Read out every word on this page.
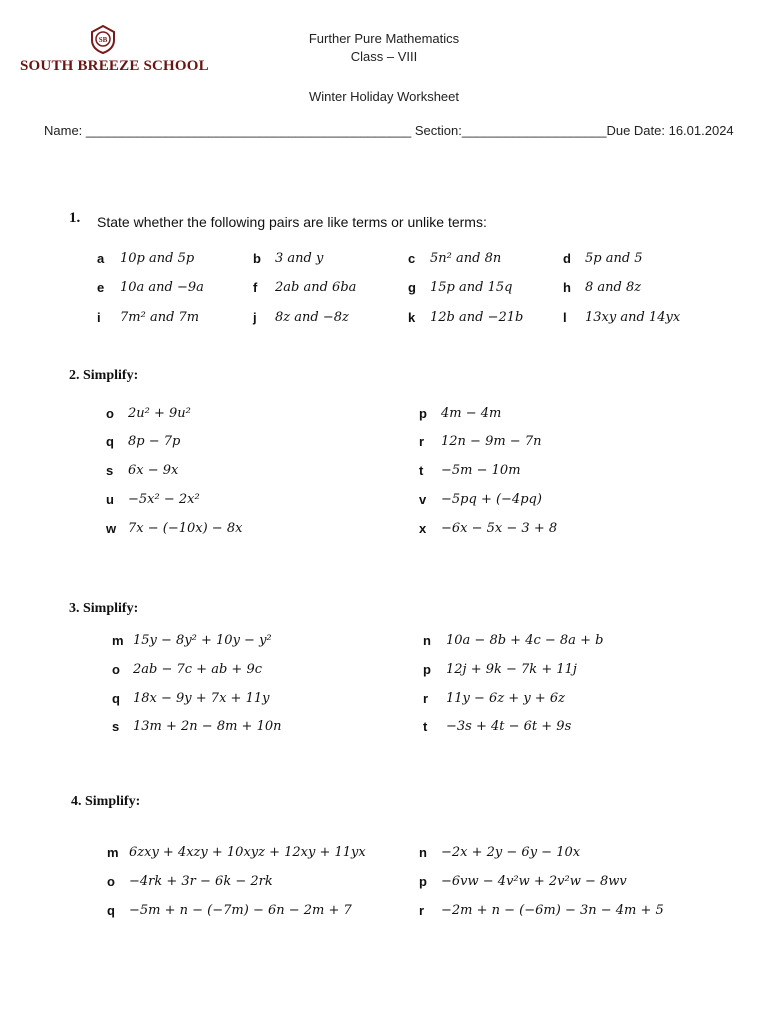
SB
SOUTH BREEZE SCHOOL
Further Pure Mathematics
Class – VIII
Winter Holiday Worksheet
Name: _____________________________________________ Section:____________________Due Date: 16.01.2024
1. State whether the following pairs are like terms or unlike terms:
a 10p and 5p	b 3 and y	c 5n² and 8n	d 5p and 5
e 10a and −9a	f 2ab and 6ba	g 15p and 15q	h 8 and 8z
i 7m² and 7m	j 8z and −8z	k 12b and −21b	l 13xy and 14yx
2. Simplify:
o 2u² + 9u²	p 4m − 4m
q 8p − 7p	r 12n − 9m − 7n
s 6x − 9x	t −5m − 10m
u −5x² − 2x²	v −5pq + (−4pq)
w 7x − (−10x) − 8x	x −6x − 5x − 3 + 8
3. Simplify:
m 15y − 8y² + 10y − y²	n 10a − 8b + 4c − 8a + b
o 2ab − 7c + ab + 9c	p 12j + 9k − 7k + 11j
q 18x − 9y + 7x + 11y	r 11y − 6z + y + 6z
s 13m + 2n − 8m + 10n	t −3s + 4t − 6t + 9s
4. Simplify:
m 6zxy + 4xzy + 10xyz + 12xy + 11yx	n −2x + 2y − 6y − 10x
o −4rk + 3r − 6k − 2rk	p −6vw − 4v²w + 2v²w − 8wv
q −5m + n − (−7m) − 6n − 2m + 7	r −2m + n − (−6m) − 3n − 4m + 5
